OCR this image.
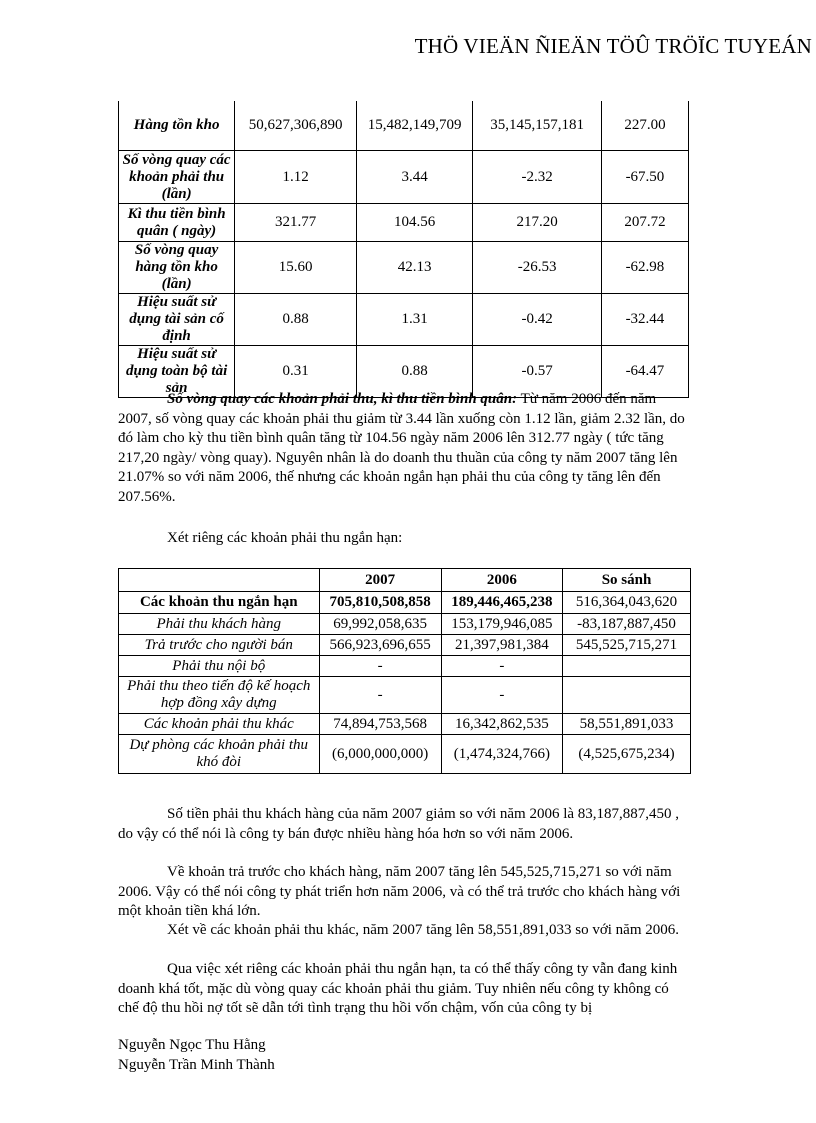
THÖ VIEÄN ÑIEÄN TÖÛ TRÖÏC TUYEÁN
Hàng tồn kho	50,627,306,890	15,482,149,709	35,145,157,181	227.00
Số vòng quay các khoản phải thu (lần)	1.12	3.44	-2.32	-67.50
Kì thu tiền bình quân ( ngày)	321.77	104.56	217.20	207.72
Số vòng quay hàng tồn kho (lần)	15.60	42.13	-26.53	-62.98
Hiệu suất sử dụng tài sản cố định	0.88	1.31	-0.42	-32.44
Hiệu suất sử dụng toàn bộ tài sản	0.31	0.88	-0.57	-64.47

Số vòng quay các khoản phải thu, kì thu tiền bình quân: Từ năm 2006 đến năm 2007, số vòng quay các khoản phải thu giảm từ 3.44 lần xuống còn 1.12 lần, giảm 2.32 lần, do đó làm cho kỳ thu tiền bình quân tăng từ 104.56 ngày năm 2006 lên 312.77 ngày ( tức tăng 217,20 ngày/ vòng quay). Nguyên nhân là do doanh thu thuần của công ty năm 2007 tăng lên 21.07% so với năm 2006, thế nhưng các khoản ngắn hạn phải thu của công ty tăng lên đến 207.56%.

Xét riêng các khoản phải thu ngắn hạn:

	2007	2006	So sánh
Các khoản thu ngắn hạn	705,810,508,858	189,446,465,238	516,364,043,620
Phải thu khách hàng	69,992,058,635	153,179,946,085	-83,187,887,450
Trả trước cho người bán	566,923,696,655	21,397,981,384	545,525,715,271
Phải thu nội bộ	-	-	
Phải thu theo tiến độ kế hoạch hợp đồng xây dựng	-	-	
Các khoản phải thu khác	74,894,753,568	16,342,862,535	58,551,891,033
Dự phòng các khoản phải thu khó đòi	(6,000,000,000)	(1,474,324,766)	(4,525,675,234)

Số tiền phải thu khách hàng của năm 2007 giảm so với năm 2006 là 83,187,887,450 , do vậy có thể nói là công ty bán được nhiều hàng hóa hơn so với năm 2006.

Về khoản trả trước cho khách hàng, năm 2007 tăng lên 545,525,715,271 so với năm 2006. Vậy có thể nói công ty phát triển hơn năm 2006, và có thể trả trước cho khách hàng với một khoản tiền khá lớn.

Xét về các khoản phải thu khác, năm 2007 tăng lên 58,551,891,033 so với năm 2006.

Qua việc xét riêng các khoản phải thu ngắn hạn, ta có thể thấy công ty vẫn đang kinh doanh khá tốt, mặc dù vòng quay các khoản phải thu giảm. Tuy nhiên nếu công ty không có chế độ thu hồi nợ tốt sẽ dẫn tới tình trạng thu hồi vốn chậm, vốn của công ty bị

Nguyễn Ngọc Thu Hằng
Nguyễn Trần Minh Thành
